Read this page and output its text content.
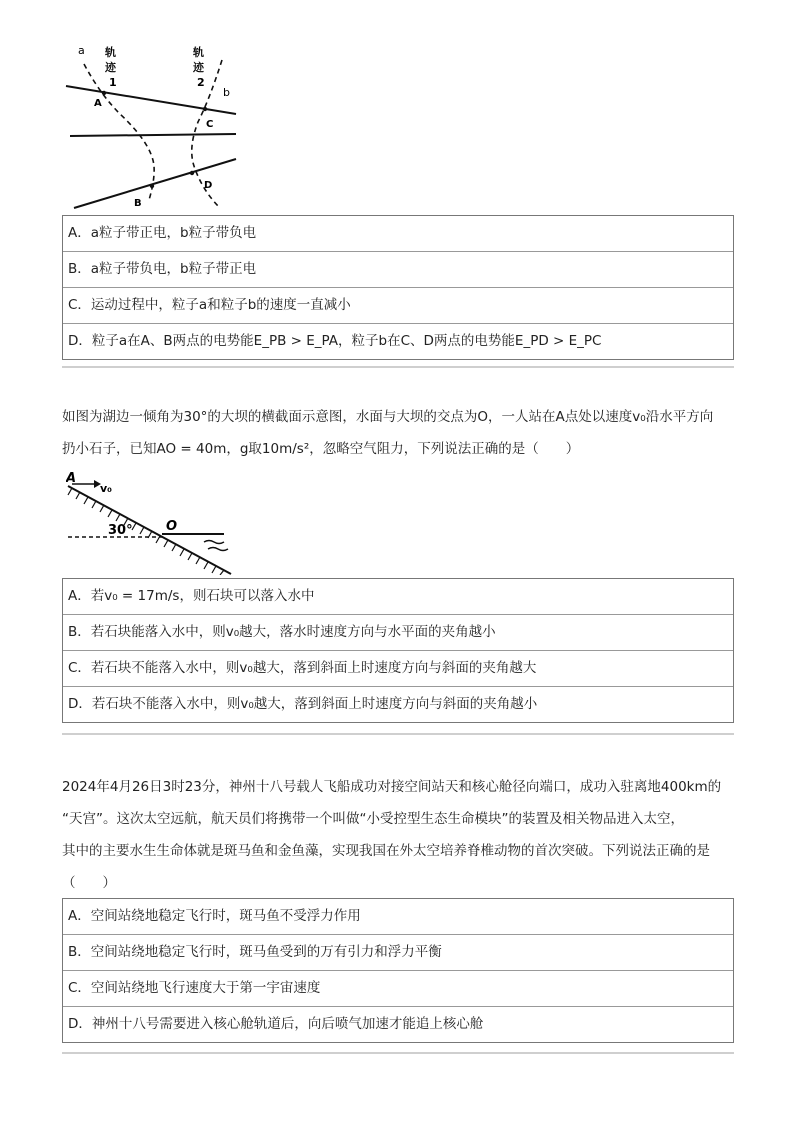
a
b
轨
迹
1
轨
迹
2
A
B
C
D
A．a粒子带正电，b粒子带负电
B．a粒子带负电，b粒子带正电
C．运动过程中，粒子a和粒子b的速度一直减小
D．粒子a在A、B两点的电势能E_PB > E_PA，粒子b在C、D两点的电势能E_PD > E_PC
如图为湖边一倾角为30°的大坝的横截面示意图，水面与大坝的交点为O，一人站在A点处以速度v₀沿水平方向
扔小石子，已知AO = 40m，g取10m/s²，忽略空气阻力，下列说法正确的是（　　）
A
v₀
30°	O
A．若v₀ = 17m/s，则石块可以落入水中
B．若石块能落入水中，则v₀越大，落水时速度方向与水平面的夹角越小
C．若石块不能落入水中，则v₀越大，落到斜面上时速度方向与斜面的夹角越大
D．若石块不能落入水中，则v₀越大，落到斜面上时速度方向与斜面的夹角越小
2024年4月26日3时23分，神州十八号载人飞船成功对接空间站天和核心舱径向端口，成功入驻离地400km的
“天宫”。这次太空远航，航天员们将携带一个叫做“小受控型生态生命模块”的装置及相关物品进入太空，
其中的主要水生生命体就是斑马鱼和金鱼藻，实现我国在外太空培养脊椎动物的首次突破。下列说法正确的是
（　　）
A．空间站绕地稳定飞行时，斑马鱼不受浮力作用
B．空间站绕地稳定飞行时，斑马鱼受到的万有引力和浮力平衡
C．空间站绕地飞行速度大于第一宇宙速度
D．神州十八号需要进入核心舱轨道后，向后喷气加速才能追上核心舱
